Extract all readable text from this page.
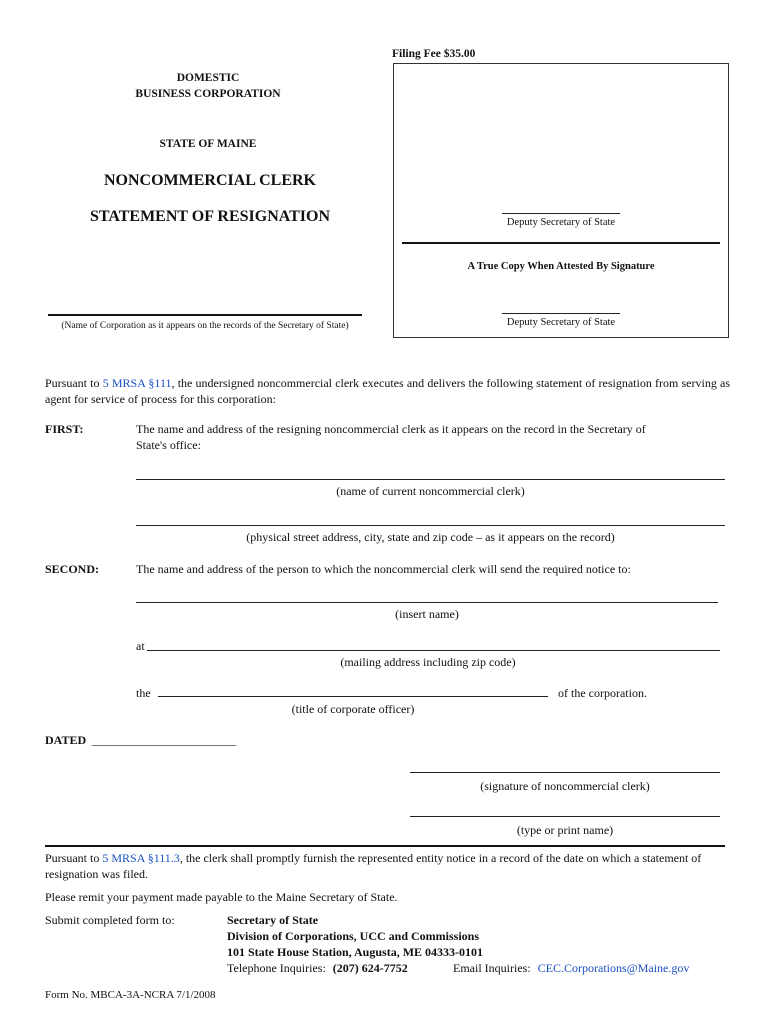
Filing Fee $35.00
DOMESTIC
BUSINESS CORPORATION
STATE OF MAINE
NONCOMMERCIAL CLERK
STATEMENT OF RESIGNATION	Deputy Secretary of State
A True Copy When Attested By Signature
Deputy Secretary of State
(Name of Corporation as it appears on the records of the Secretary of State)
Pursuant to 5 MRSA §111, the undersigned noncommercial clerk executes and delivers the following statement of resignation from serving as agent for service of process for this corporation:
FIRST:	The name and address of the resigning noncommercial clerk as it appears on the record in the Secretary of State's office:
(name of current noncommercial clerk)
(physical street address, city, state and zip code – as it appears on the record)
SECOND:	The name and address of the person to which the noncommercial clerk will send the required notice to:
(insert name)
at
(mailing address including zip code)
the	of the corporation.
(title of corporate officer)
DATED ________________________
(signature of noncommercial clerk)
(type or print name)
Pursuant to 5 MRSA §111.3, the clerk shall promptly furnish the represented entity notice in a record of the date on which a statement of resignation was filed.
Please remit your payment made payable to the Maine Secretary of State.
Submit completed form to:	Secretary of State
Division of Corporations, UCC and Commissions
101 State House Station, Augusta, ME 04333-0101
Telephone Inquiries: (207) 624-7752	Email Inquiries: CEC.Corporations@Maine.gov
Form No. MBCA-3A-NCRA 7/1/2008
